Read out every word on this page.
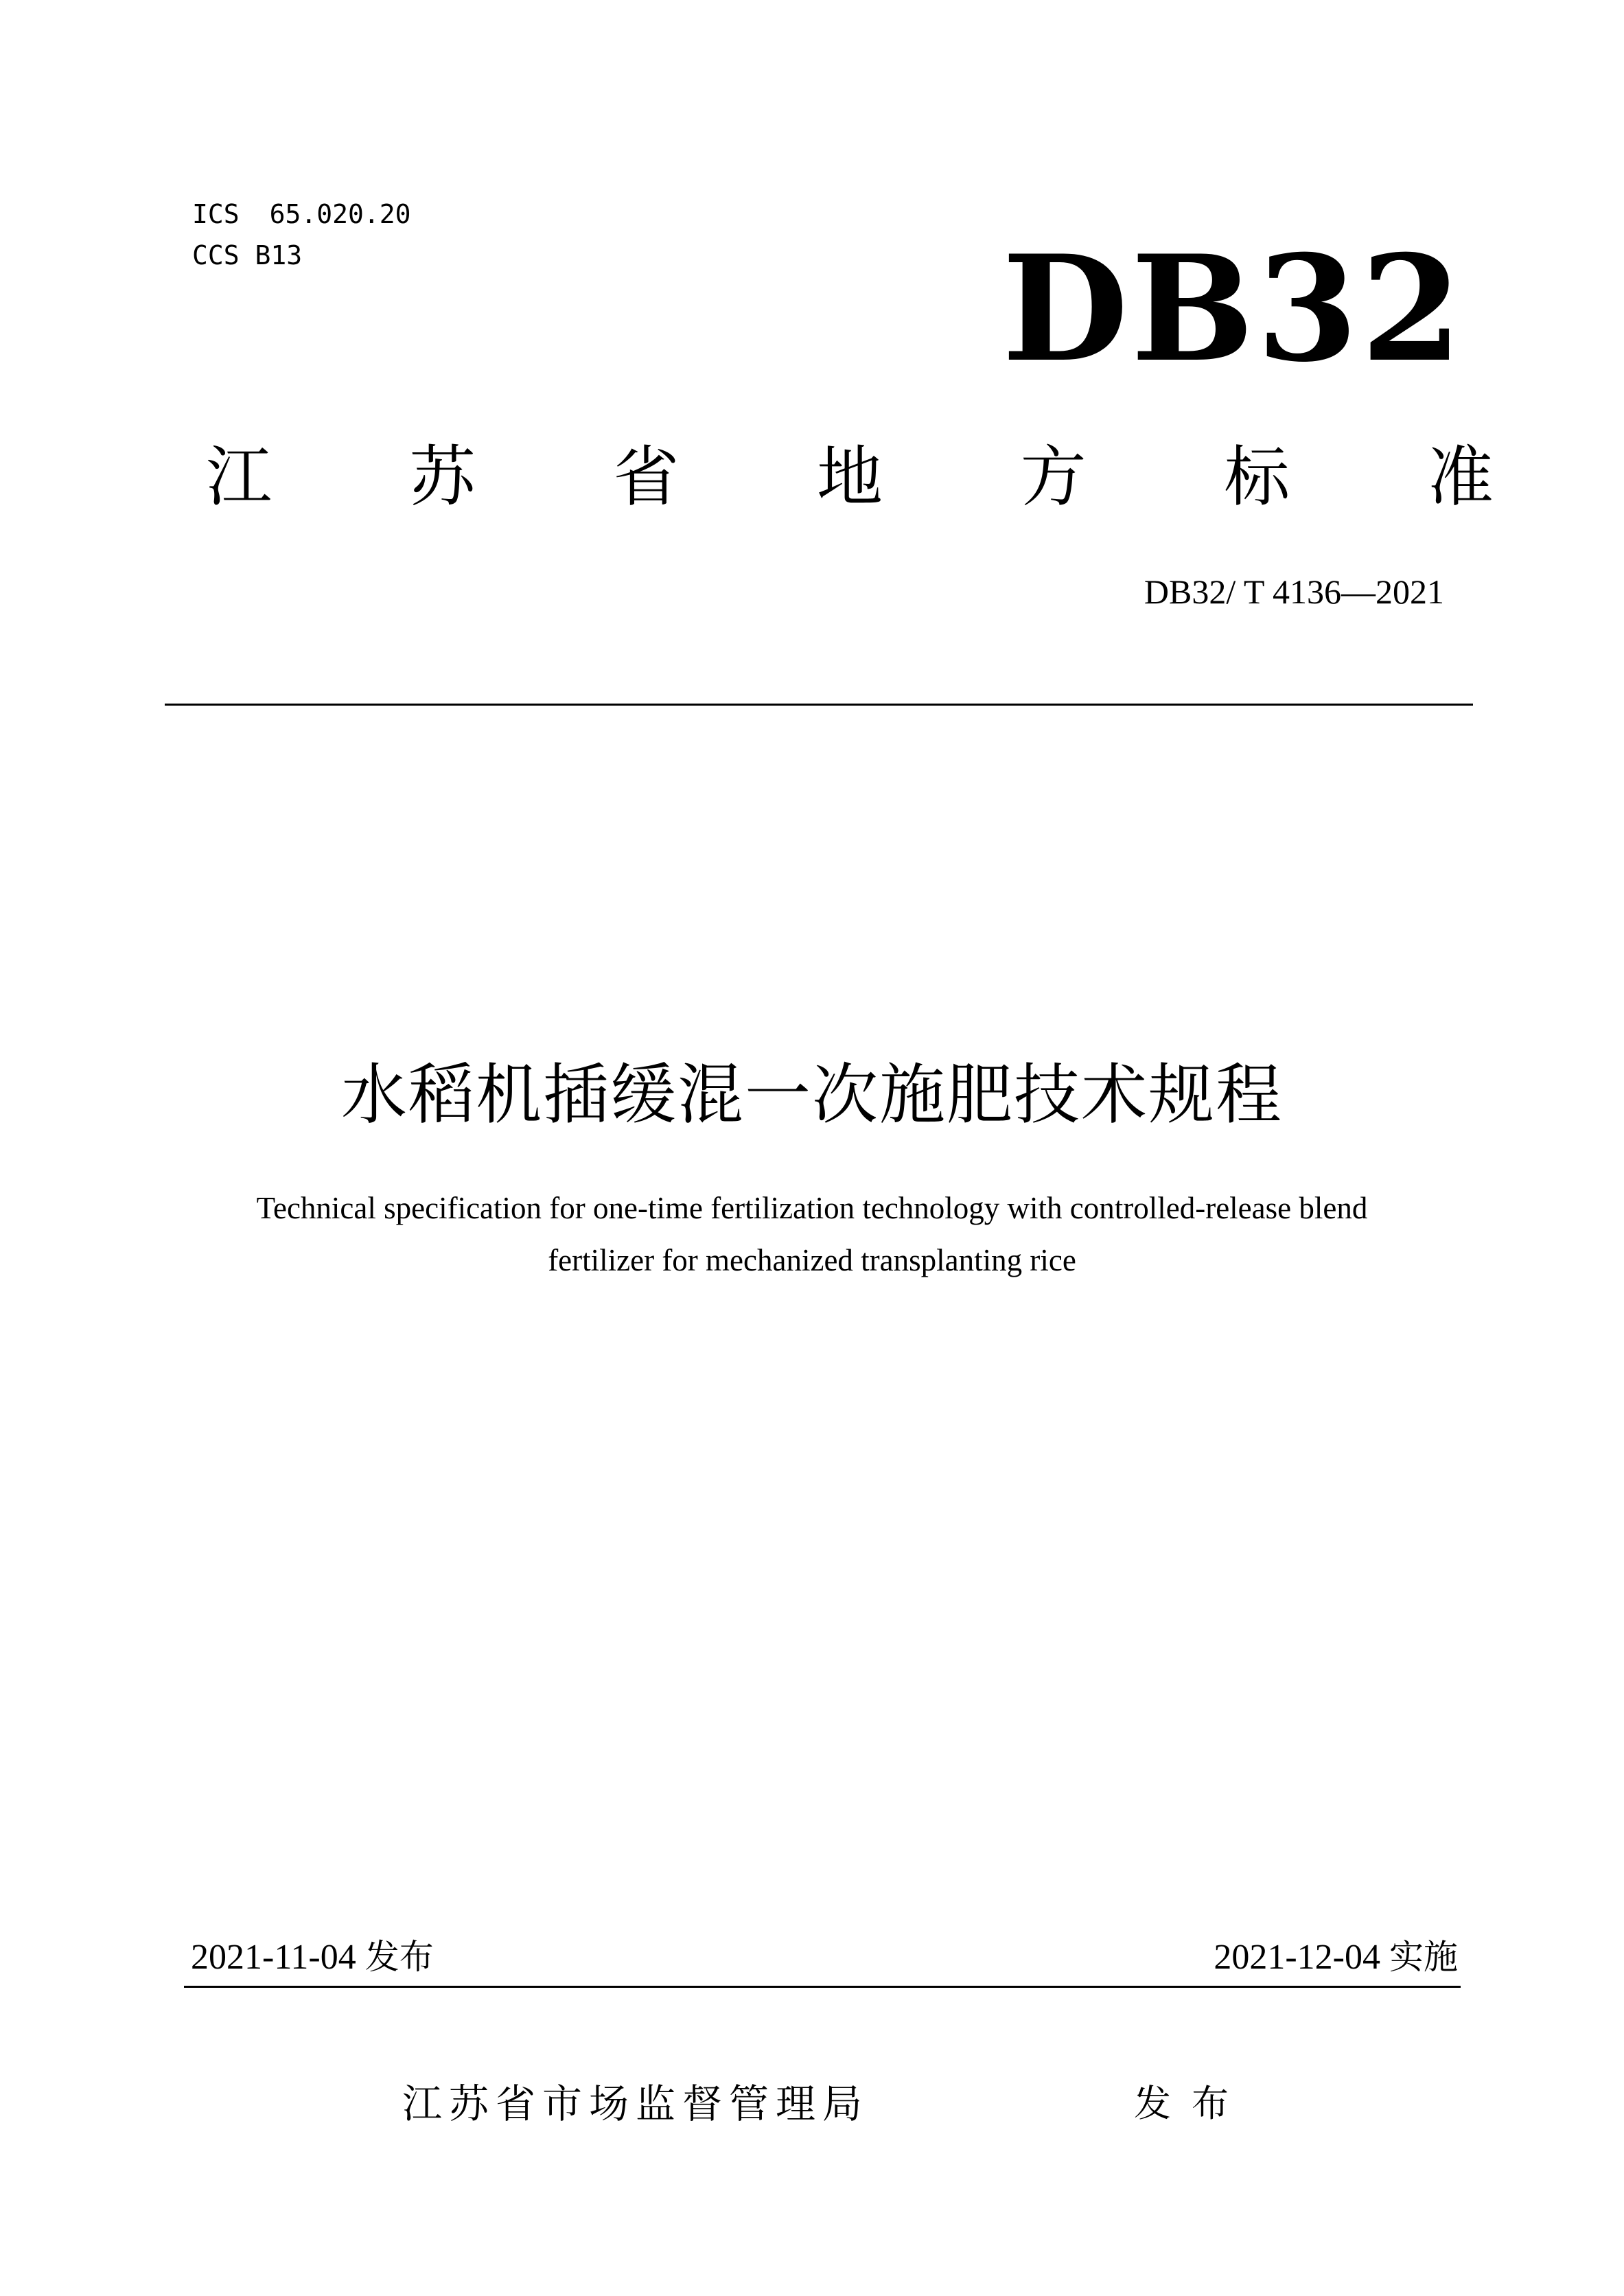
ICS 65.020.20
CCS B13	DB32
江 苏 省 地 方 标 准
DB32/ T 4136—2021
水稻机插缓混一次施肥技术规程
Technical specification for one-time fertilization technology with controlled-release blend
fertilizer for mechanized transplanting rice
2021-11-04 发布	2021-12-04 实施
江苏省市场监督管理局	发布
